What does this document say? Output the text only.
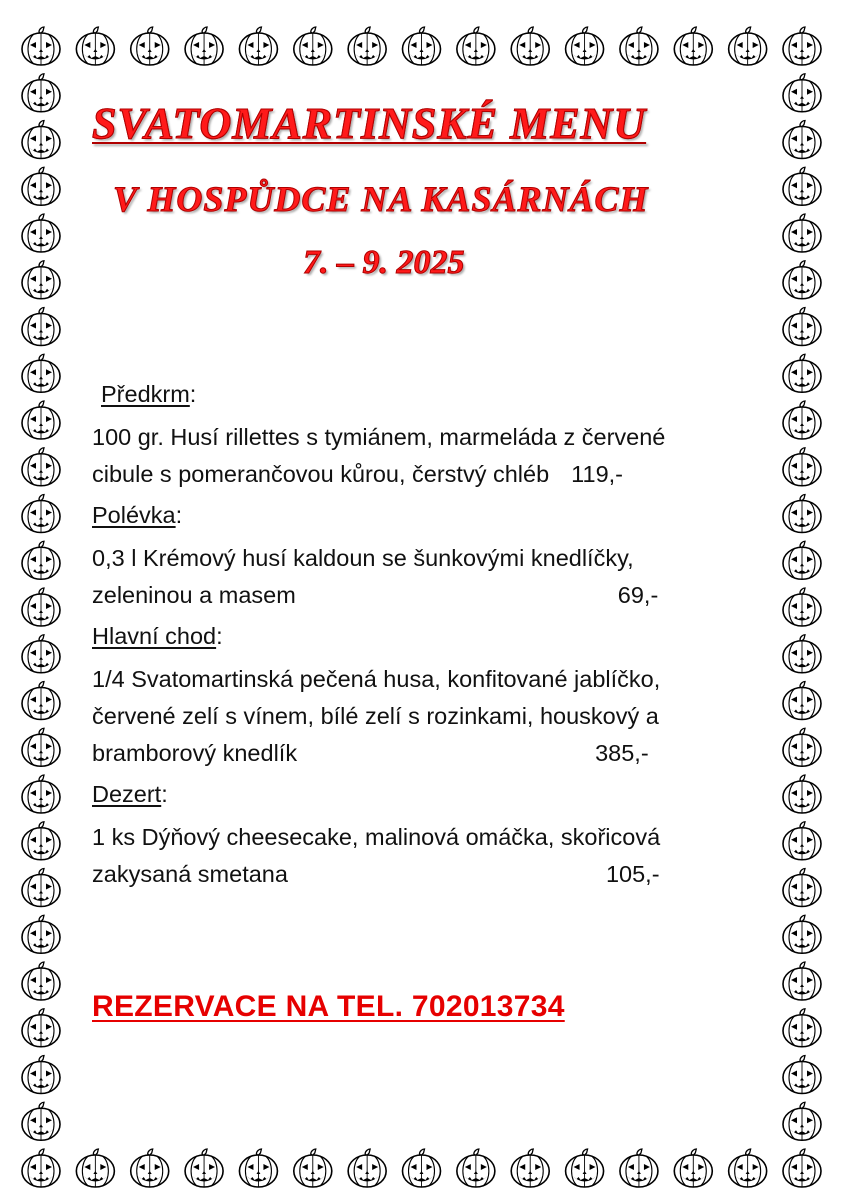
SVATOMARTINSKÉ MENU
V HOSPŮDCE NA KASÁRNÁCH
7. – 9. 2025
Předkrm:

100 gr. Husí rillettes s tymiánem, marmeláda z červené
cibule s pomerančovou kůrou, čerstvý chléb 119,-

Polévka:

0,3 l Krémový husí kaldoun se šunkovými knedlíčky,
zeleninou a masem	69,-

Hlavní chod:

1/4 Svatomartinská pečená husa, konfitované jablíčko,
červené zelí s vínem, bílé zelí s rozinkami, houskový a
bramborový knedlík	385,-

Dezert:

1 ks Dýňový cheesecake, malinová omáčka, skořicová
zakysaná smetana	105,-

REZERVACE NA TEL. 702013734
